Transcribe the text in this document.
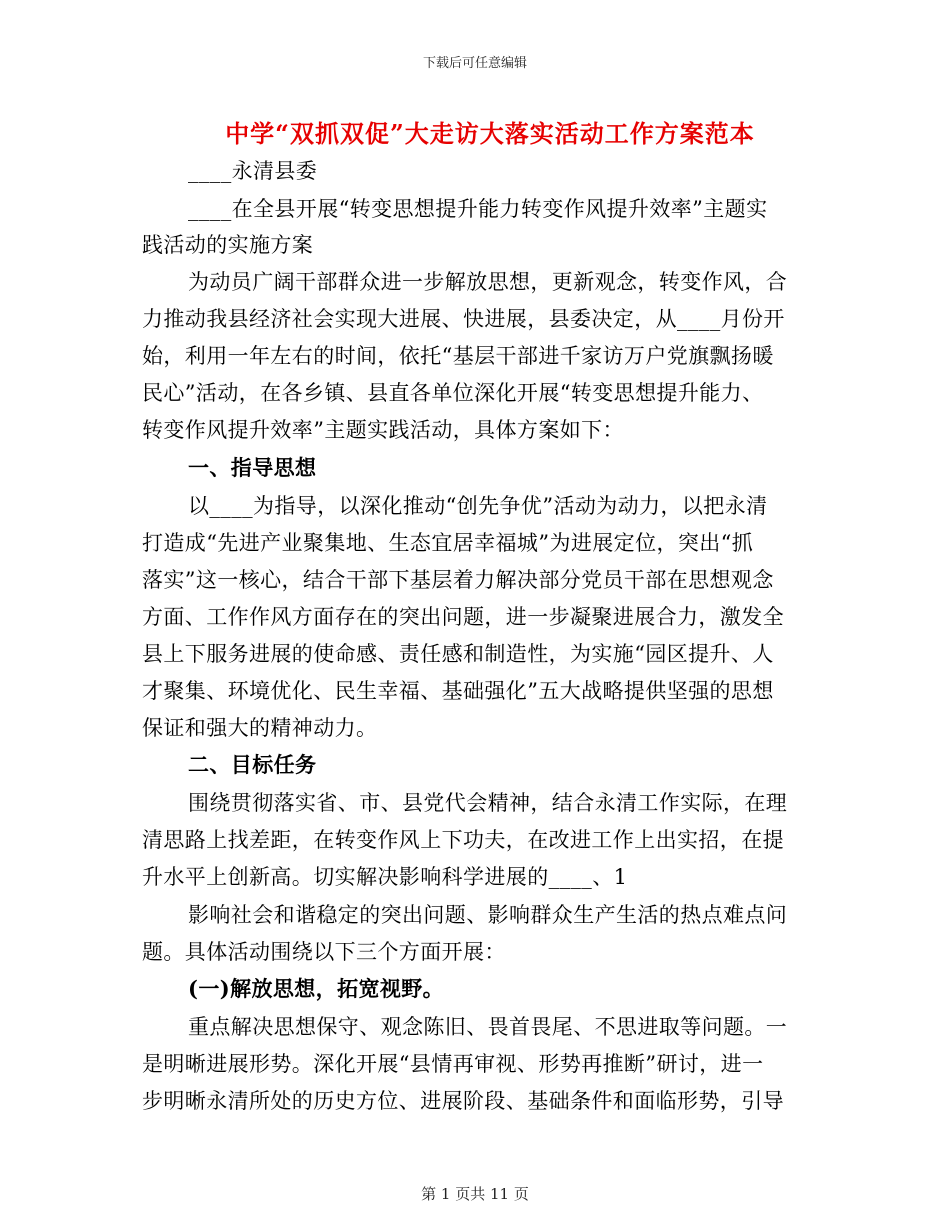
下载后可任意编辑
中学“双抓双促”大走访大落实活动工作方案范本
____永清县委
____在全县开展“转变思想提升能力转变作风提升效率”主题实
践活动的实施方案
为动员广阔干部群众进一步解放思想，更新观念，转变作风，合
力推动我县经济社会实现大进展、快进展，县委决定，从____月份开
始，利用一年左右的时间，依托“基层干部进千家访万户党旗飘扬暖
民心”活动，在各乡镇、县直各单位深化开展“转变思想提升能力、
转变作风提升效率”主题实践活动，具体方案如下：
一、指导思想
以____为指导，以深化推动“创先争优”活动为动力，以把永清
打造成“先进产业聚集地、生态宜居幸福城”为进展定位，突出“抓
落实”这一核心，结合干部下基层着力解决部分党员干部在思想观念
方面、工作作风方面存在的突出问题，进一步凝聚进展合力，激发全
县上下服务进展的使命感、责任感和制造性，为实施“园区提升、人
才聚集、环境优化、民生幸福、基础强化”五大战略提供坚强的思想
保证和强大的精神动力。
二、目标任务
围绕贯彻落实省、市、县党代会精神，结合永清工作实际，在理
清思路上找差距，在转变作风上下功夫，在改进工作上出实招，在提
升水平上创新高。切实解决影响科学进展的____、1
影响社会和谐稳定的突出问题、影响群众生产生活的热点难点问
题。具体活动围绕以下三个方面开展：
(一)解放思想，拓宽视野。
重点解决思想保守、观念陈旧、畏首畏尾、不思进取等问题。一
是明晰进展形势。深化开展“县情再审视、形势再推断”研讨，进一
步明晰永清所处的历史方位、进展阶段、基础条件和面临形势，引导
第 1 页共 11 页
